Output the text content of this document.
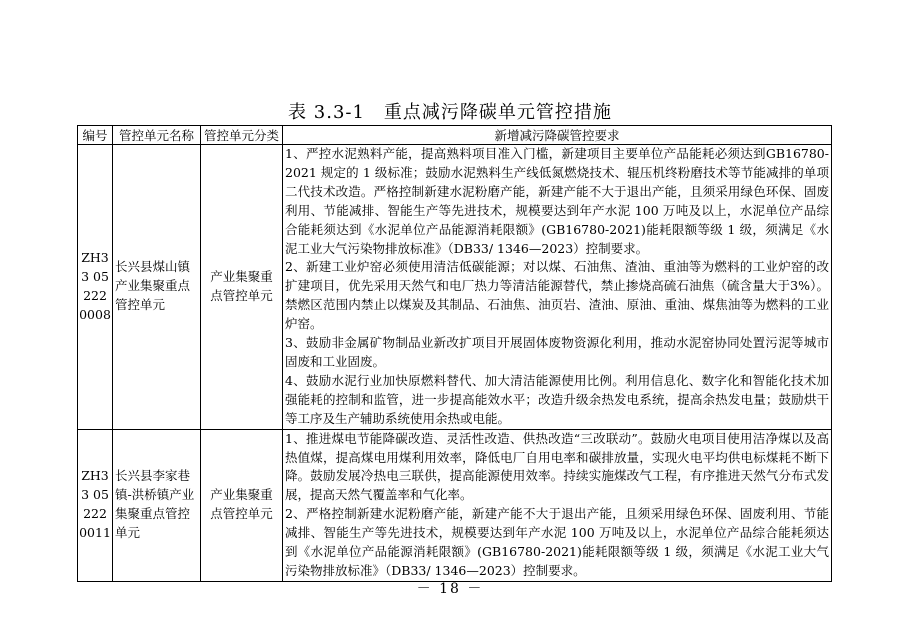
表 3.3-1　重点减污降碳单元管控措施
编号	管控单元名称	管控单元分类	新增减污降碳管控要求
ZH33 05222 0008	长兴县煤山镇产业集聚重点管控单元	产业集聚重点管控单元	1、严控水泥熟料产能，提高熟料项目准入门槛，新建项目主要单位产品能耗必须达到GB16780-2021 规定的 1 级标准；鼓励水泥熟料生产线低氮燃烧技术、辊压机终粉磨技术等节能减排的单项二代技术改造。严格控制新建水泥粉磨产能，新建产能不大于退出产能，且须采用绿色环保、固废利用、节能减排、智能生产等先进技术，规模要达到年产水泥 100 万吨及以上，水泥单位产品综合能耗须达到《水泥单位产品能源消耗限额》(GB16780-2021)能耗限额等级 1 级，须满足《水泥工业大气污染物排放标准》（DB33/ 1346—2023）控制要求。

2、新建工业炉窑必须使用清洁低碳能源；对以煤、石油焦、渣油、重油等为燃料的工业炉窑的改扩建项目，优先采用天然气和电厂热力等清洁能源替代，禁止掺烧高硫石油焦（硫含量大于3%）。禁燃区范围内禁止以煤炭及其制品、石油焦、油页岩、渣油、原油、重油、煤焦油等为燃料的工业炉窑。

3、鼓励非金属矿物制品业新改扩项目开展固体废物资源化利用，推动水泥窑协同处置污泥等城市固废和工业固废。

4、鼓励水泥行业加快原燃料替代、加大清洁能源使用比例。利用信息化、数字化和智能化技术加强能耗的控制和监管，进一步提高能效水平；改造升级余热发电系统，提高余热发电量；鼓励烘干等工序及生产辅助系统使用余热或电能。

ZH33 05222 0011	长兴县李家巷镇-洪桥镇产业集聚重点管控单元	产业集聚重点管控单元	1、推进煤电节能降碳改造、灵活性改造、供热改造“三改联动”。鼓励火电项目使用洁净煤以及高热值煤，提高煤电用煤利用效率，降低电厂自用电率和碳排放量，实现火电平均供电标煤耗不断下降。鼓励发展冷热电三联供，提高能源使用效率。持续实施煤改气工程，有序推进天然气分布式发展，提高天然气覆盖率和气化率。

2、严格控制新建水泥粉磨产能，新建产能不大于退出产能，且须采用绿色环保、固废利用、节能减排、智能生产等先进技术，规模要达到年产水泥 100 万吨及以上，水泥单位产品综合能耗须达到《水泥单位产品能源消耗限额》(GB16780-2021)能耗限额等级 1 级，须满足《水泥工业大气污染物排放标准》（DB33/ 1346—2023）控制要求。

－ 18 －
